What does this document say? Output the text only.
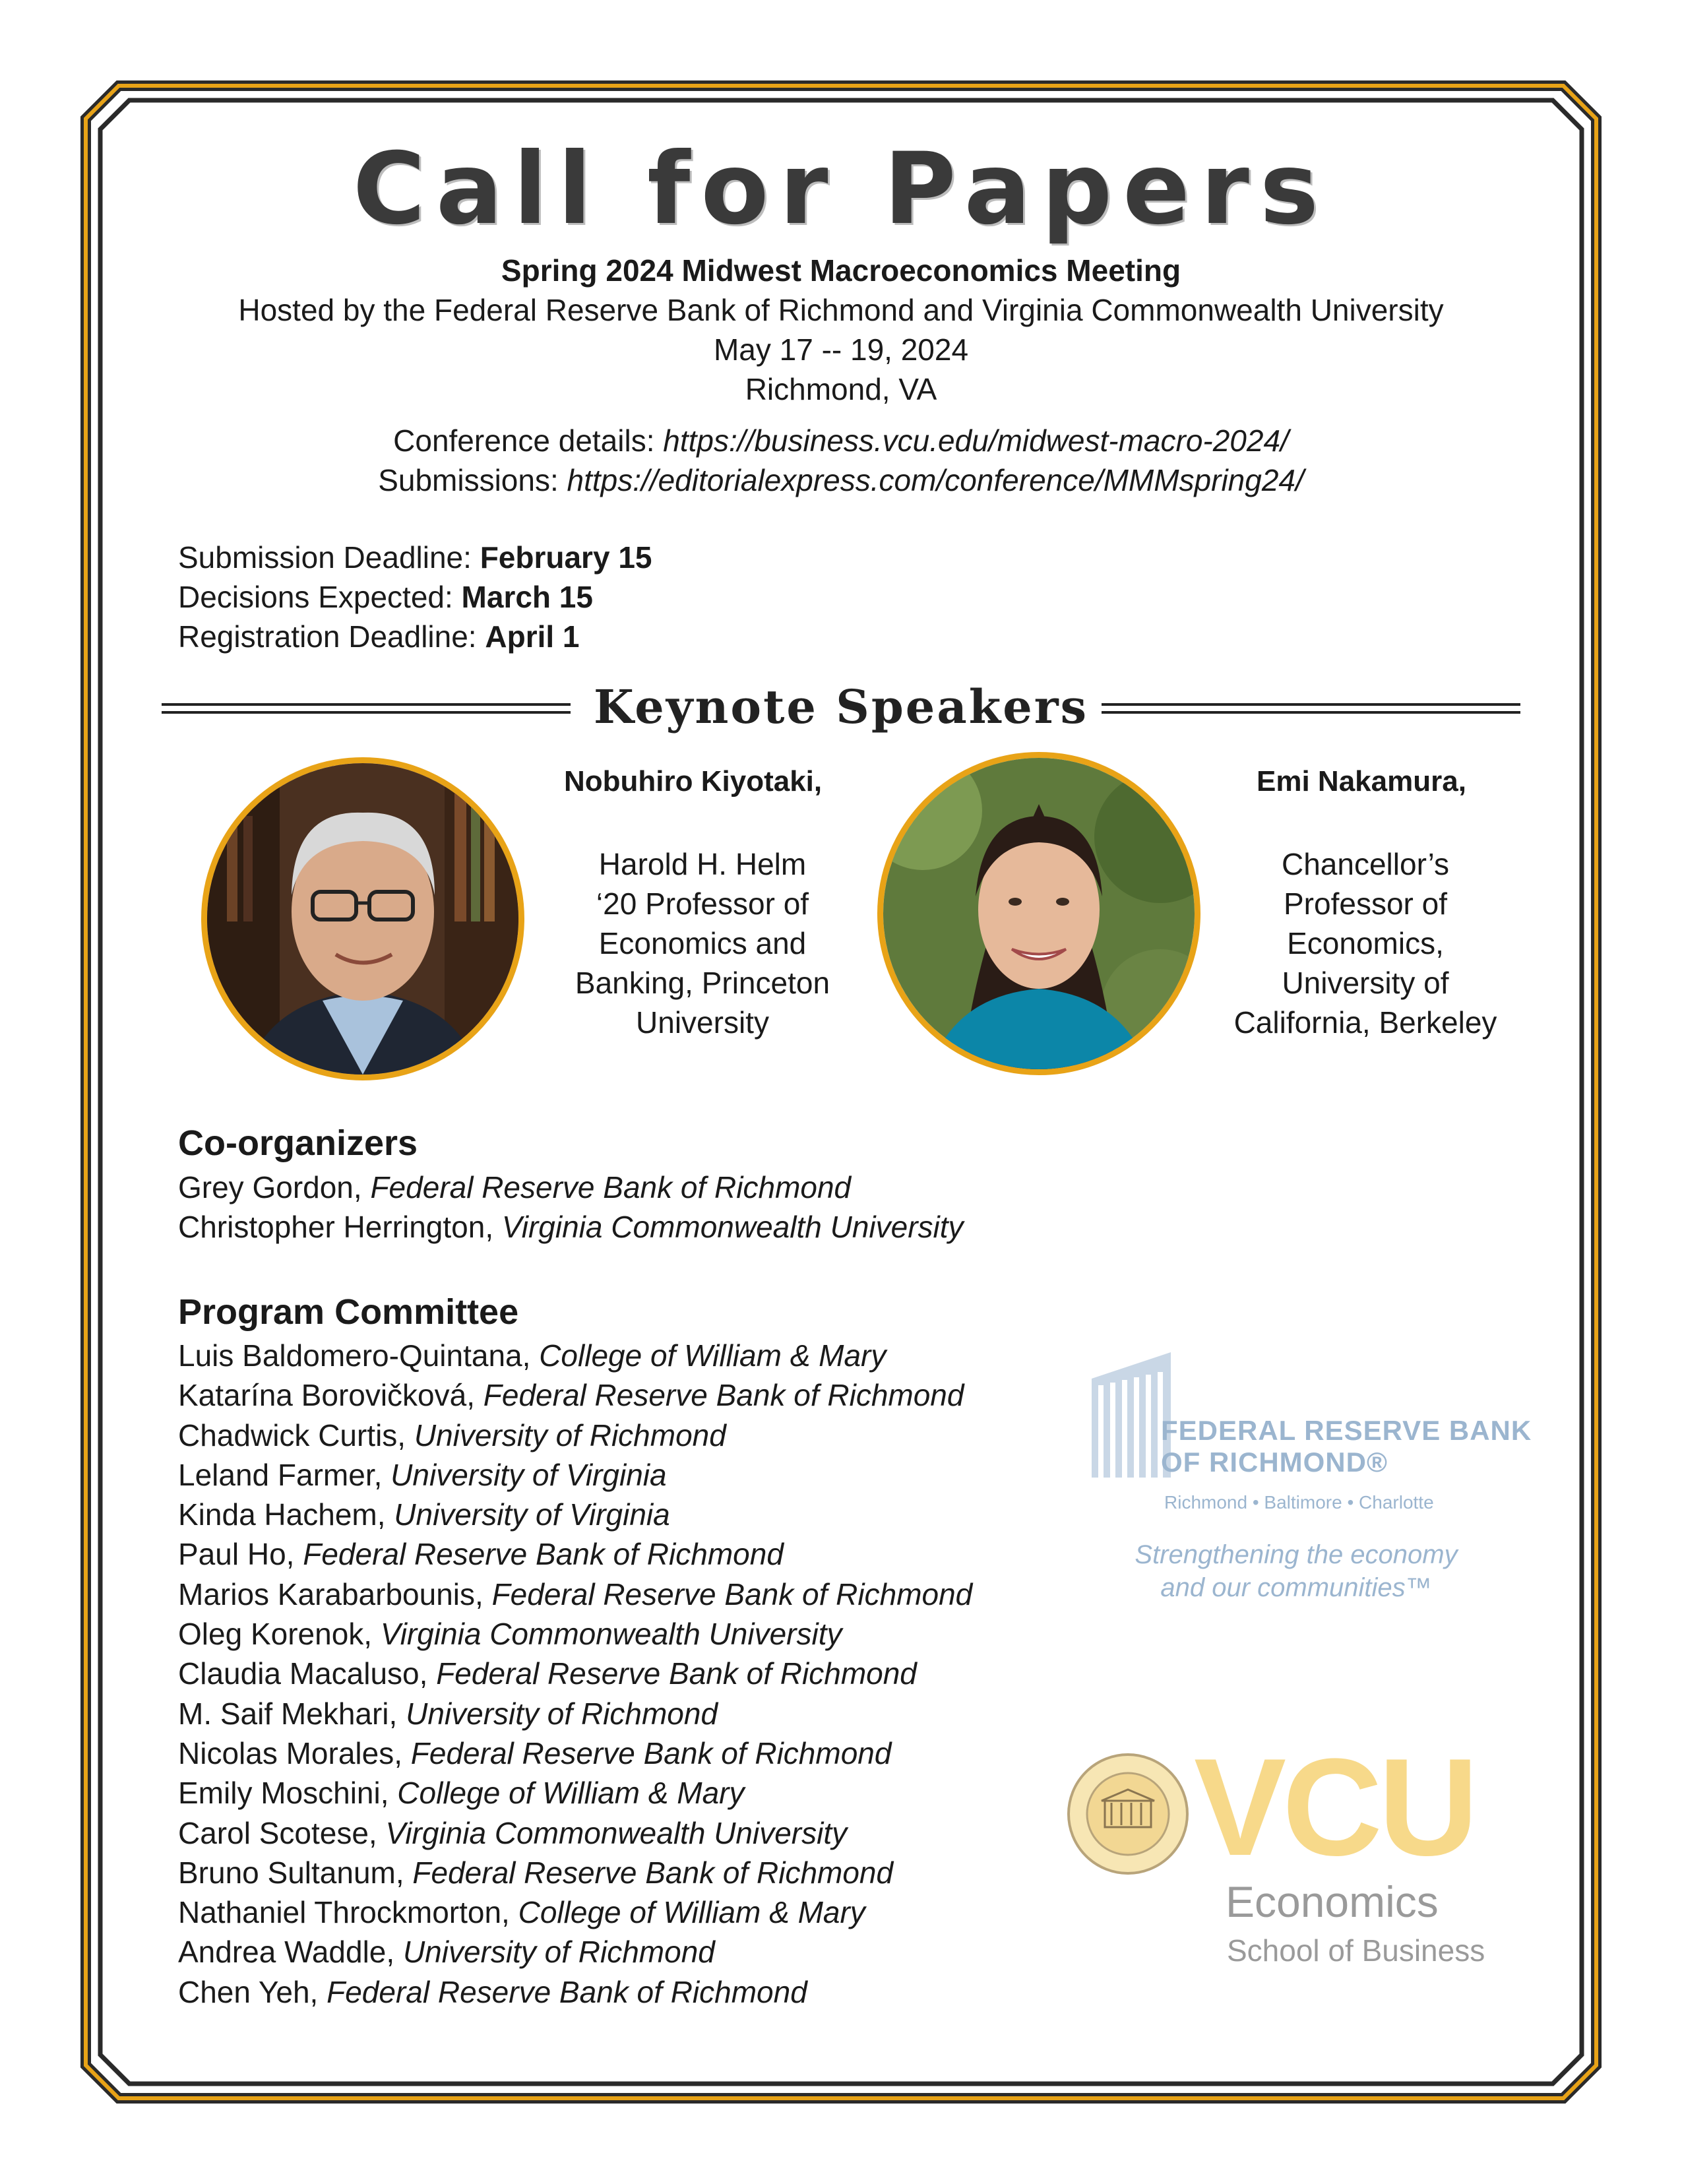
Call for Papers
Spring 2024 Midwest Macroeconomics Meeting
Hosted by the Federal Reserve Bank of Richmond and Virginia Commonwealth University
May 17 -- 19, 2024
Richmond, VA
Conference details: https://business.vcu.edu/midwest-macro-2024/
Submissions: https://editorialexpress.com/conference/MMMspring24/
Submission Deadline: February 15
Decisions Expected: March 15
Registration Deadline: April 1
Keynote Speakers
Nobuhiro Kiyotaki,
Harold H. Helm
‘20 Professor of
Economics and
Banking, Princeton
University
Emi Nakamura,
Chancellor’s
Professor of
Economics,
University of
California, Berkeley
Co-organizers
Grey Gordon, Federal Reserve Bank of Richmond
Christopher Herrington, Virginia Commonwealth University
Program Committee
Luis Baldomero-Quintana, College of William & Mary
Katarína Borovičková, Federal Reserve Bank of Richmond
Chadwick Curtis, University of Richmond
Leland Farmer, University of Virginia
Kinda Hachem, University of Virginia
Paul Ho, Federal Reserve Bank of Richmond
Marios Karabarbounis, Federal Reserve Bank of Richmond
Oleg Korenok, Virginia Commonwealth University
Claudia Macaluso, Federal Reserve Bank of Richmond
M. Saif Mekhari, University of Richmond
Nicolas Morales, Federal Reserve Bank of Richmond
Emily Moschini, College of William & Mary
Carol Scotese, Virginia Commonwealth University
Bruno Sultanum, Federal Reserve Bank of Richmond
Nathaniel Throckmorton, College of William & Mary
Andrea Waddle, University of Richmond
Chen Yeh, Federal Reserve Bank of Richmond
FEDERAL RESERVE BANK
OF RICHMOND®
Richmond • Baltimore • Charlotte
Strengthening the economy
and our communities™
VCU
Economics
School of Business
